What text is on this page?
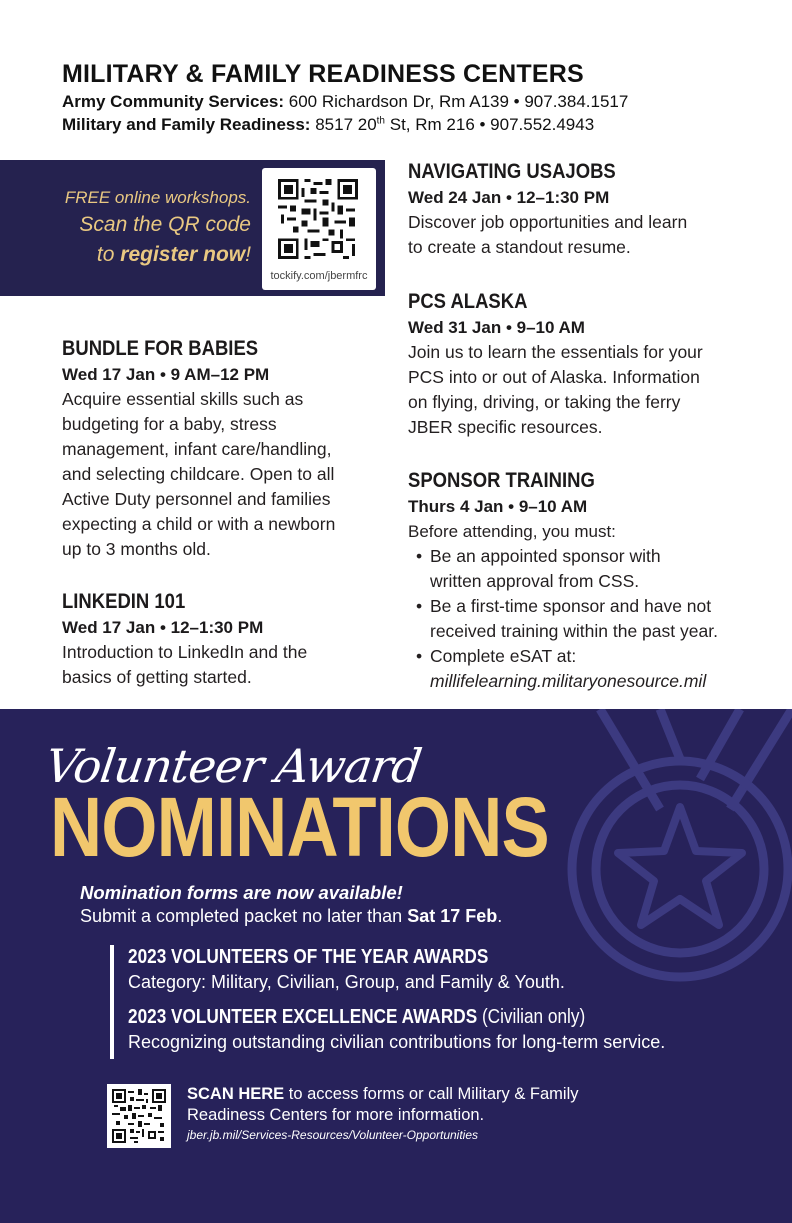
MILITARY & FAMILY READINESS CENTERS
Army Community Services: 600 Richardson Dr, Rm A139 • 907.384.1517
Military and Family Readiness: 8517 20th St, Rm 216 • 907.552.4943
FREE online workshops.
Scan the QR code
to register now!
tockify.com/jbermfrc
BUNDLE FOR BABIES
Wed 17 Jan • 9 AM–12 PM
Acquire essential skills such as
budgeting for a baby, stress
management, infant care/handling,
and selecting childcare. Open to all
Active Duty personnel and families
expecting a child or with a newborn
up to 3 months old.
LINKEDIN 101
Wed 17 Jan • 12–1:30 PM
Introduction to LinkedIn and the
basics of getting started.
NAVIGATING USAJOBS
Wed 24 Jan • 12–1:30 PM
Discover job opportunities and learn
to create a standout resume.
PCS ALASKA
Wed 31 Jan • 9–10 AM
Join us to learn the essentials for your
PCS into or out of Alaska. Information
on flying, driving, or taking the ferry
JBER specific resources.
SPONSOR TRAINING
Thurs 4 Jan • 9–10 AM
Before attending, you must:
• Be an appointed sponsor with
written approval from CSS.
• Be a first-time sponsor and have not
received training within the past year.
• Complete eSAT at:
millifelearning.militaryonesource.mil
Volunteer Award
NOMINATIONS
Nomination forms are now available!
Submit a completed packet no later than Sat 17 Feb.
2023 VOLUNTEERS OF THE YEAR AWARDS
Category: Military, Civilian, Group, and Family & Youth.
2023 VOLUNTEER EXCELLENCE AWARDS (Civilian only)
Recognizing outstanding civilian contributions for long-term service.
SCAN HERE to access forms or call Military & Family
Readiness Centers for more information.
jber.jb.mil/Services-Resources/Volunteer-Opportunities
